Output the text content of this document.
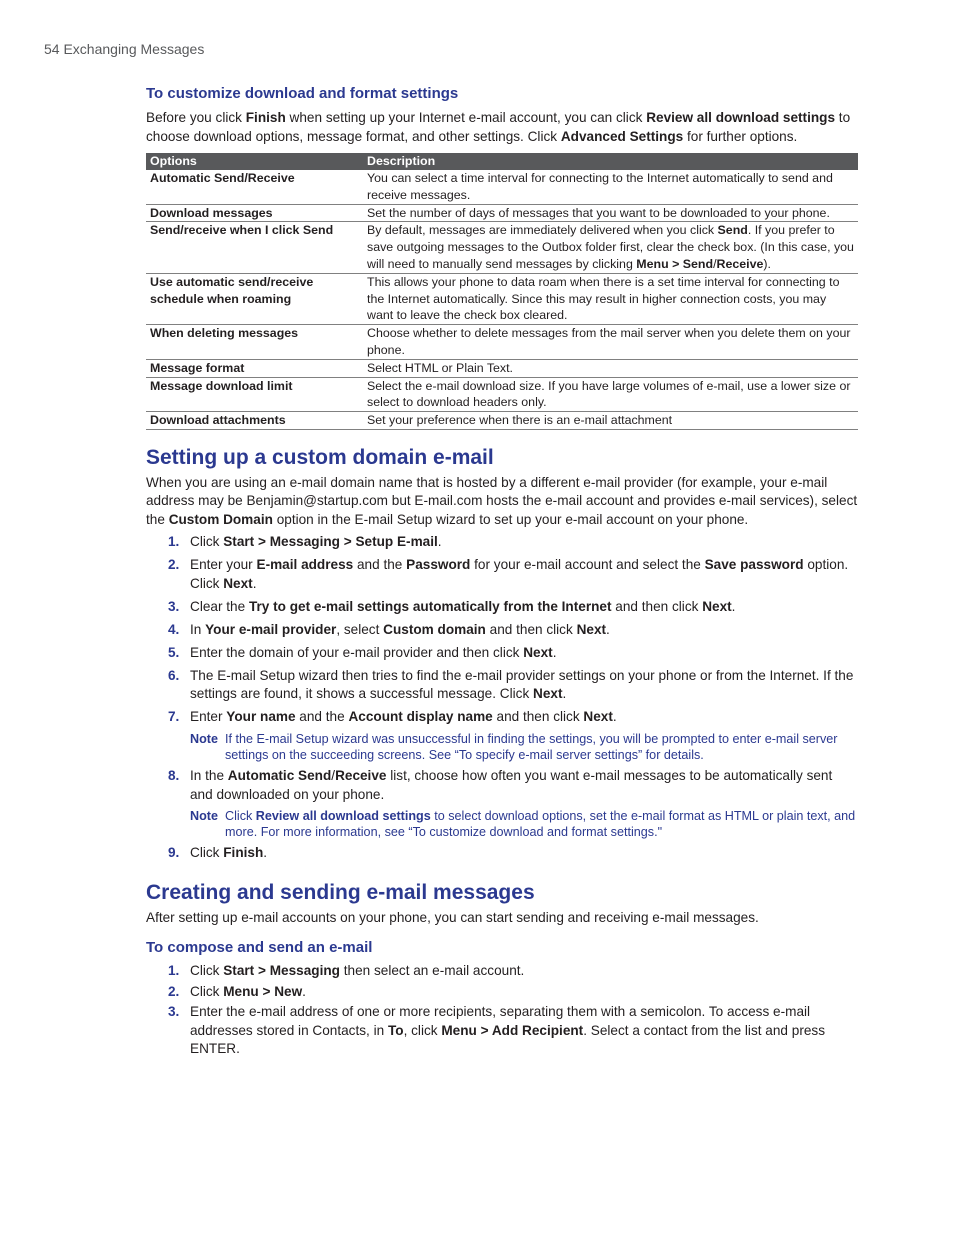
54 Exchanging Messages
To customize download and format settings

Before you click Finish when setting up your Internet e-mail account, you can click Review all download settings to choose download options, message format, and other settings. Click Advanced Settings for further options.

Options	Description
Automatic Send/Receive	You can select a time interval for connecting to the Internet automatically to send and receive messages.
Download messages	Set the number of days of messages that you want to be downloaded to your phone.
Send/receive when I click Send	By default, messages are immediately delivered when you click Send. If you prefer to save outgoing messages to the Outbox folder first, clear the check box. (In this case, you will need to manually send messages by clicking Menu > Send/Receive).
Use automatic send/receive schedule when roaming	This allows your phone to data roam when there is a set time interval for connecting to the Internet automatically. Since this may result in higher connection costs, you may want to leave the check box cleared.
When deleting messages	Choose whether to delete messages from the mail server when you delete them on your phone.
Message format	Select HTML or Plain Text.
Message download limit	Select the e-mail download size. If you have large volumes of e-mail, use a lower size or select to download headers only.
Download attachments	Set your preference when there is an e-mail attachment
Setting up a custom domain e-mail

When you are using an e-mail domain name that is hosted by a different e-mail provider (for example, your e-mail address may be Benjamin@startup.com but E-mail.com hosts the e-mail account and provides e-mail services), select the Custom Domain option in the E-mail Setup wizard to set up your e-mail account on your phone.

1. Click Start > Messaging > Setup E-mail.
2. Enter your E-mail address and the Password for your e-mail account and select the Save password option. Click Next.
3. Clear the Try to get e-mail settings automatically from the Internet and then click Next.
4. In Your e-mail provider, select Custom domain and then click Next.
5. Enter the domain of your e-mail provider and then click Next.
6. The E-mail Setup wizard then tries to find the e-mail provider settings on your phone or from the Internet. If the settings are found, it shows a successful message. Click Next.
7. Enter Your name and the Account display name and then click Next.
Note If the E-mail Setup wizard was unsuccessful in finding the settings, you will be prompted to enter e-mail server settings on the succeeding screens. See “To specify e-mail server settings” for details.
8. In the Automatic Send/Receive list, choose how often you want e-mail messages to be automatically sent and downloaded on your phone.
Note Click Review all download settings to select download options, set the e-mail format as HTML or plain text, and more. For more information, see “To customize download and format settings."
9. Click Finish.
Creating and sending e-mail messages

After setting up e-mail accounts on your phone, you can start sending and receiving e-mail messages.

To compose and send an e-mail
1. Click Start > Messaging then select an e-mail account.
2. Click Menu > New.
3. Enter the e-mail address of one or more recipients, separating them with a semicolon. To access e-mail addresses stored in Contacts, in To, click Menu > Add Recipient. Select a contact from the list and press ENTER.
